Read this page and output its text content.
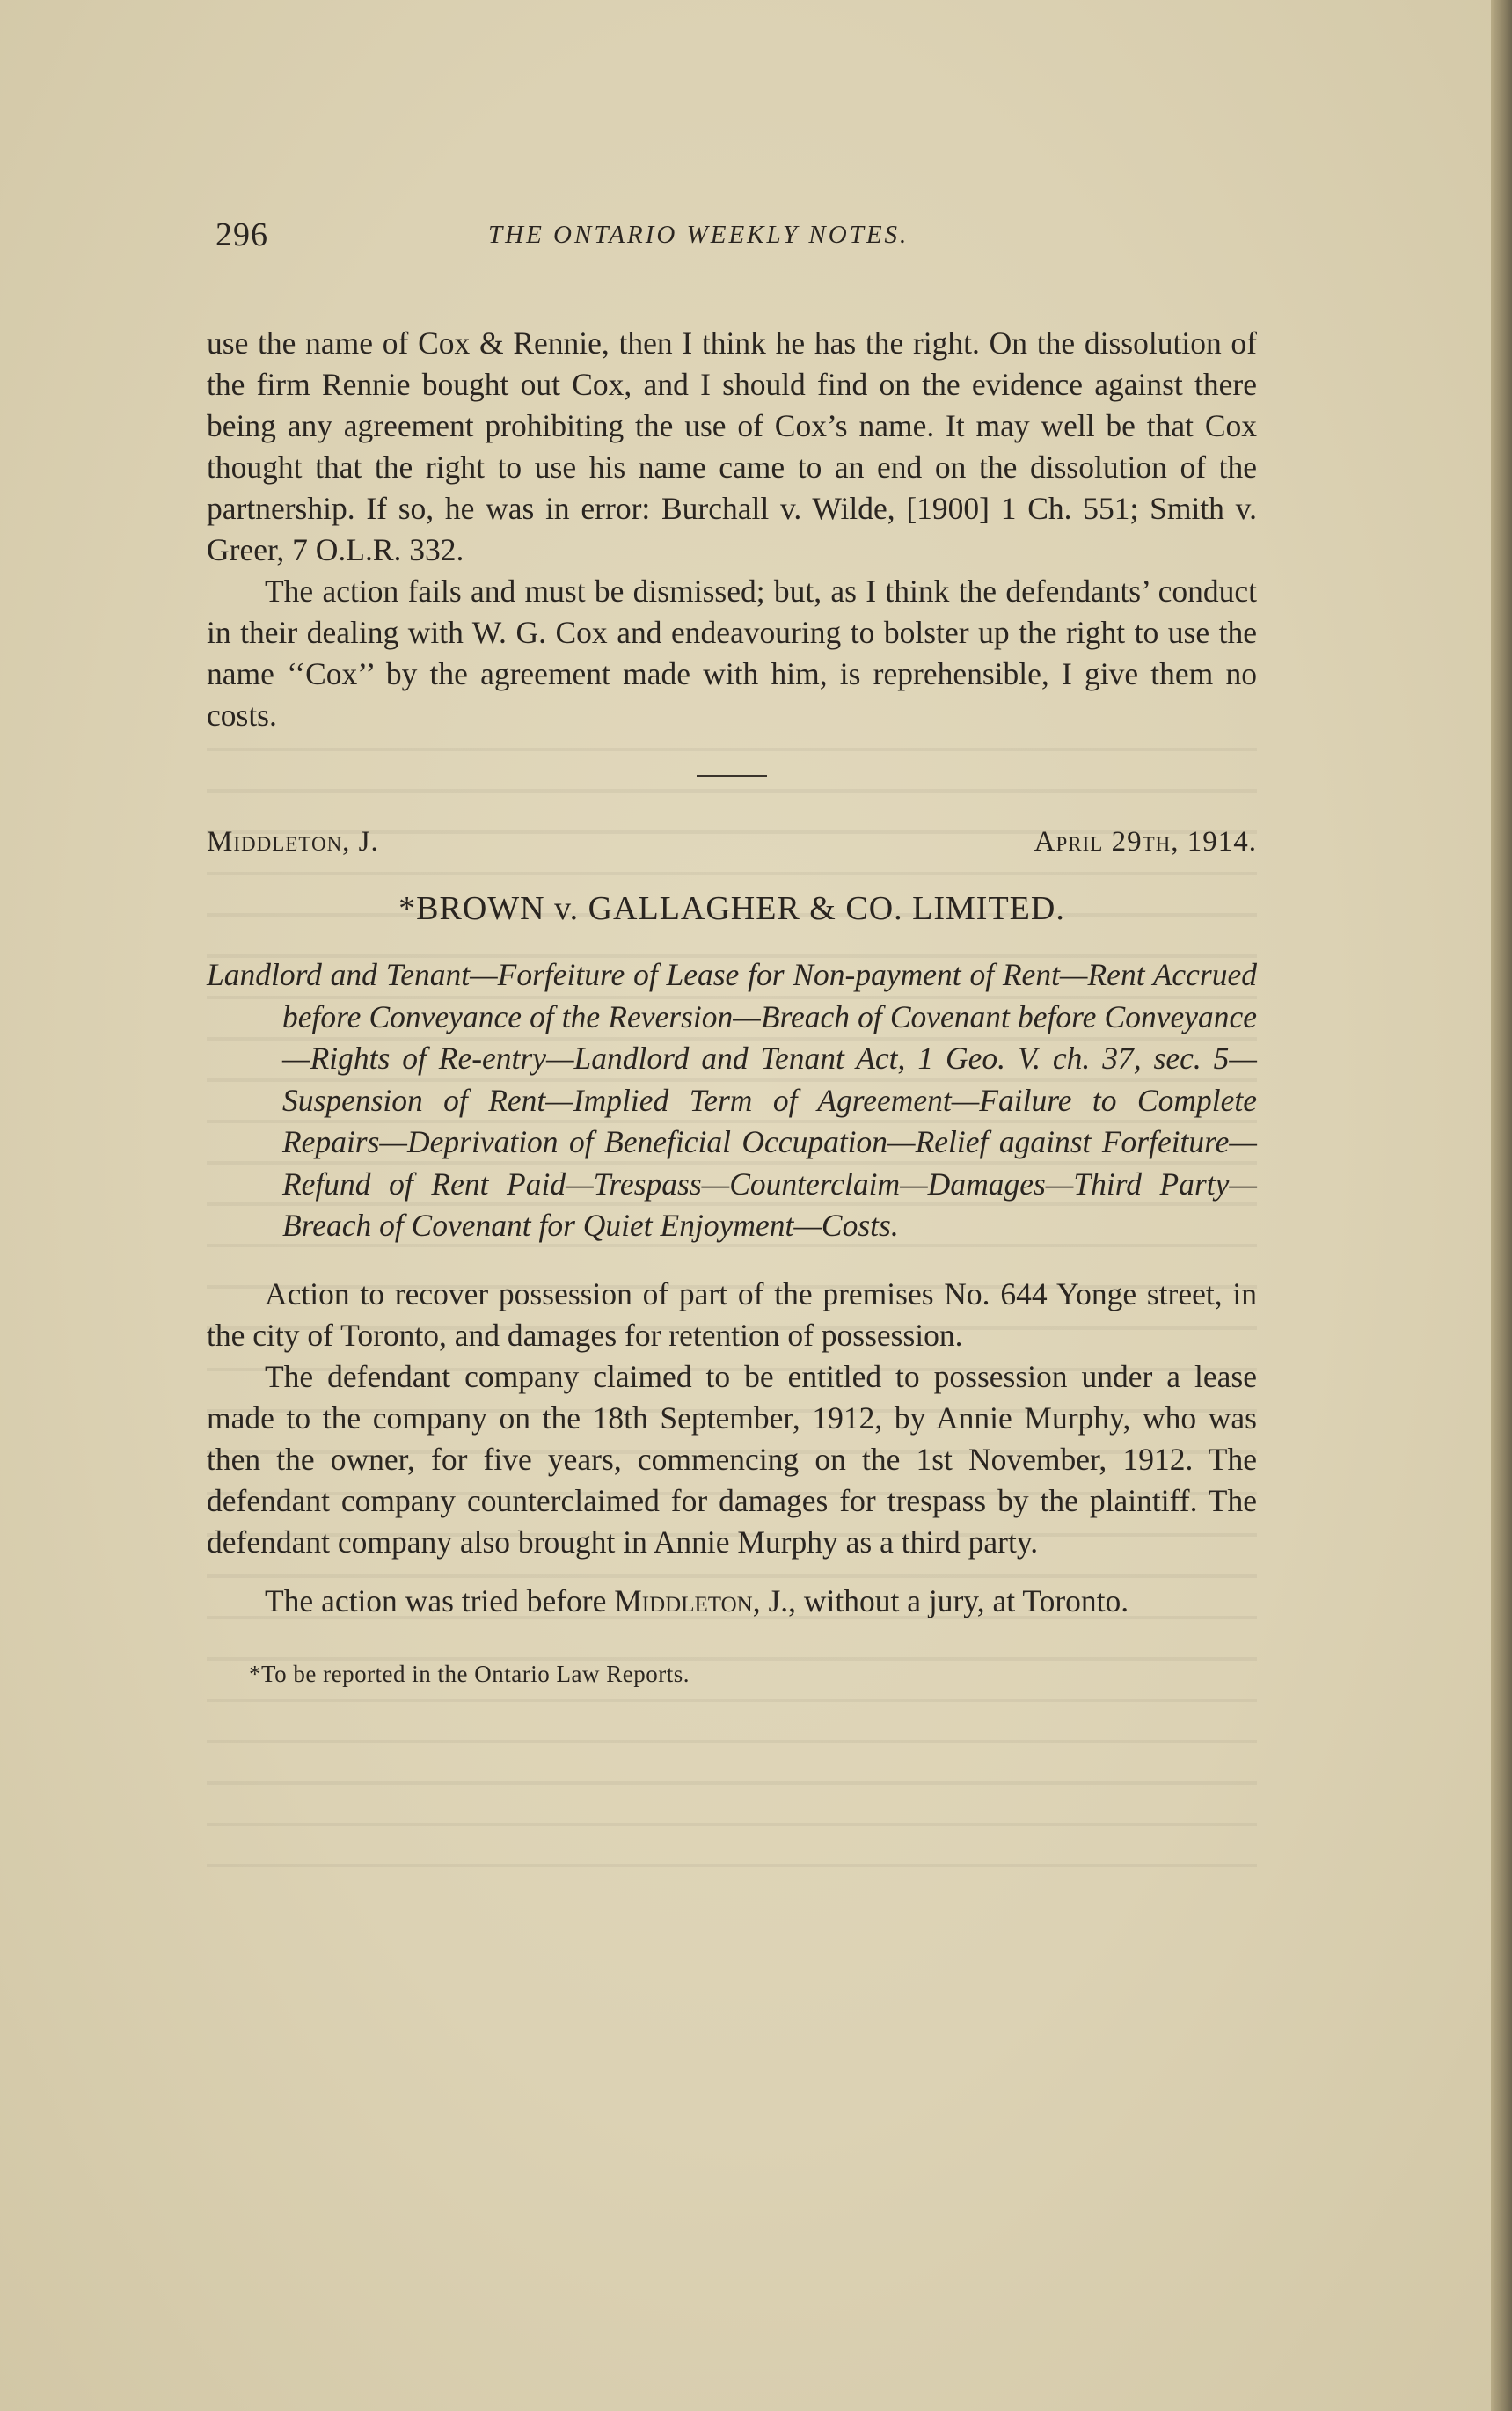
296	THE ONTARIO WEEKLY NOTES.

use the name of Cox & Rennie, then I think he has the right. On the dissolution of the firm Rennie bought out Cox, and I should find on the evidence against there being any agreement prohibiting the use of Cox’s name. It may well be that Cox thought that the right to use his name came to an end on the dissolution of the partnership. If so, he was in error: Burchall v. Wilde, [1900] 1 Ch. 551; Smith v. Greer, 7 O.L.R. 332.

The action fails and must be dismissed; but, as I think the defendants’ conduct in their dealing with W. G. Cox and endeavouring to bolster up the right to use the name ‘‘Cox’’ by the agreement made with him, is reprehensible, I give them no costs.

Middleton, J.	April 29th, 1914.
*BROWN v. GALLAGHER & CO. LIMITED.
Landlord and Tenant—Forfeiture of Lease for Non-payment of Rent—Rent Accrued before Conveyance of the Reversion—Breach of Covenant before Conveyance—Rights of Re-entry—Landlord and Tenant Act, 1 Geo. V. ch. 37, sec. 5—Suspension of Rent—Implied Term of Agreement—Failure to Complete Repairs—Deprivation of Beneficial Occupation—Relief against Forfeiture—Refund of Rent Paid—Trespass—Counterclaim—Damages—Third Party—Breach of Covenant for Quiet Enjoyment—Costs.

Action to recover possession of part of the premises No. 644 Yonge street, in the city of Toronto, and damages for retention of possession.

The defendant company claimed to be entitled to possession under a lease made to the company on the 18th September, 1912, by Annie Murphy, who was then the owner, for five years, commencing on the 1st November, 1912. The defendant company counterclaimed for damages for trespass by the plaintiff. The defendant company also brought in Annie Murphy as a third party.

The action was tried before Middleton, J., without a jury, at Toronto.

*To be reported in the Ontario Law Reports.
